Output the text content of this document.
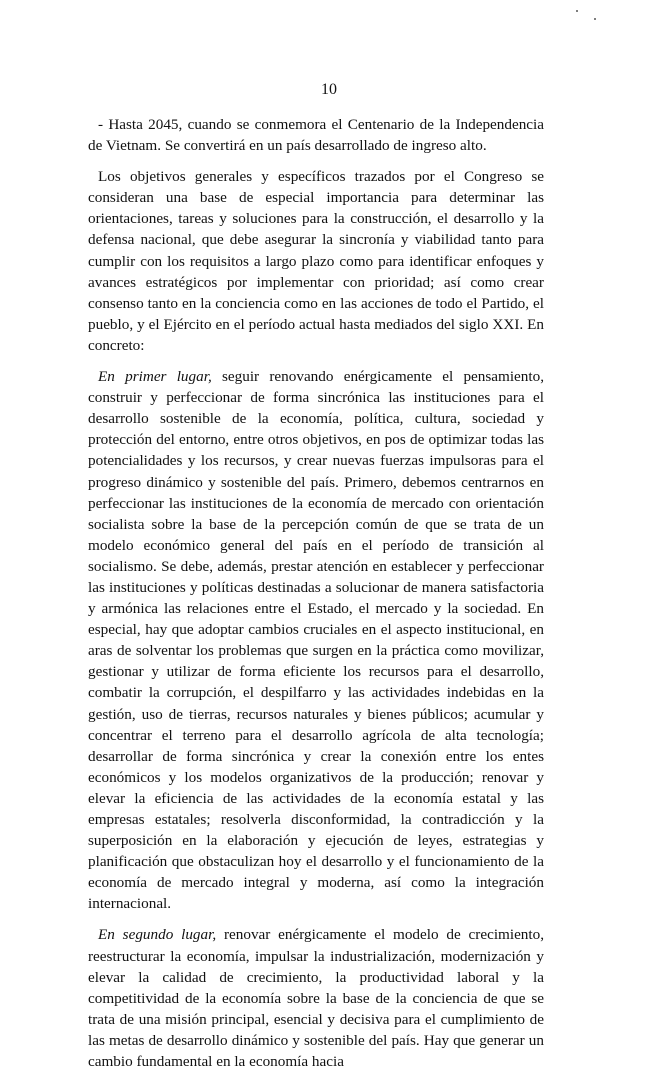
10

- Hasta 2045, cuando se conmemora el Centenario de la Independencia de Vietnam. Se convertirá en un país desarrollado de ingreso alto.

Los objetivos generales y específicos trazados por el Congreso se consideran una base de especial importancia para determinar las orientaciones, tareas y soluciones para la construcción, el desarrollo y la defensa nacional, que debe asegurar la sincronía y viabilidad tanto para cumplir con los requisitos a largo plazo como para identificar enfoques y avances estratégicos por implementar con prioridad; así como crear consenso tanto en la conciencia como en las acciones de todo el Partido, el pueblo, y el Ejército en el período actual hasta mediados del siglo XXI. En concreto:

En primer lugar, seguir renovando enérgicamente el pensamiento, construir y perfeccionar de forma sincrónica las instituciones para el desarrollo sostenible de la economía, política, cultura, sociedad y protección del entorno, entre otros objetivos, en pos de optimizar todas las potencialidades y los recursos, y crear nuevas fuerzas impulsoras para el progreso dinámico y sostenible del país. Primero, debemos centrarnos en perfeccionar las instituciones de la economía de mercado con orientación socialista sobre la base de la percepción común de que se trata de un modelo económico general del país en el período de transición al socialismo. Se debe, además, prestar atención en establecer y perfeccionar las instituciones y políticas destinadas a solucionar de manera satisfactoria y armónica las relaciones entre el Estado, el mercado y la sociedad. En especial, hay que adoptar cambios cruciales en el aspecto institucional, en aras de solventar los problemas que surgen en la práctica como movilizar, gestionar y utilizar de forma eficiente los recursos para el desarrollo, combatir la corrupción, el despilfarro y las actividades indebidas en la gestión, uso de tierras, recursos naturales y bienes públicos; acumular y concentrar el terreno para el desarrollo agrícola de alta tecnología; desarrollar de forma sincrónica y crear la conexión entre los entes económicos y los modelos organizativos de la producción; renovar y elevar la eficiencia de las actividades de la economía estatal y las empresas estatales; resolverla disconformidad, la contradicción y la superposición en la elaboración y ejecución de leyes, estrategias y planificación que obstaculizan hoy el desarrollo y el funcionamiento de la economía de mercado integral y moderna, así como la integración internacional.

En segundo lugar, renovar enérgicamente el modelo de crecimiento, reestructurar la economía, impulsar la industrialización, modernización y elevar la calidad de crecimiento, la productividad laboral y la competitividad de la economía sobre la base de la conciencia de que se trata de una misión principal, esencial y decisiva para el cumplimiento de las metas de desarrollo dinámico y sostenible del país. Hay que generar un cambio fundamental en la economía hacia
